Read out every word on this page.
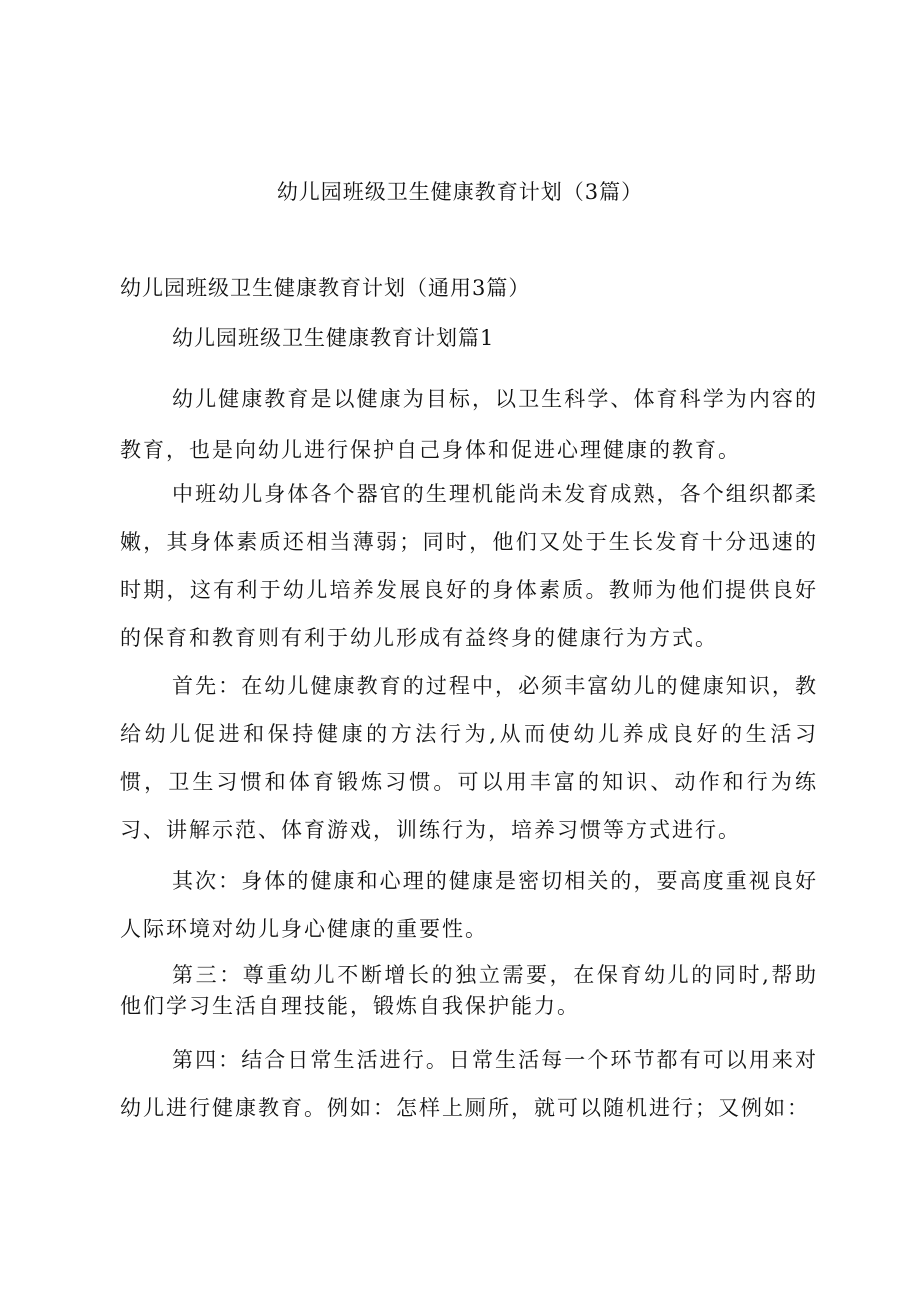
幼儿园班级卫生健康教育计划（3篇）
幼儿园班级卫生健康教育计划（通用3篇）
幼儿园班级卫生健康教育计划篇1

幼儿健康教育是以健康为目标，以卫生科学、体育科学为内容的教育，也是向幼儿进行保护自己身体和促进心理健康的教育。

中班幼儿身体各个器官的生理机能尚未发育成熟，各个组织都柔嫩，其身体素质还相当薄弱；同时，他们又处于生长发育十分迅速的时期，这有利于幼儿培养发展良好的身体素质。教师为他们提供良好的保育和教育则有利于幼儿形成有益终身的健康行为方式。

首先：在幼儿健康教育的过程中，必须丰富幼儿的健康知识，教给幼儿促进和保持健康的方法行为,从而使幼儿养成良好的生活习惯，卫生习惯和体育锻炼习惯。可以用丰富的知识、动作和行为练习、讲解示范、体育游戏，训练行为，培养习惯等方式进行。

其次：身体的健康和心理的健康是密切相关的，要高度重视良好人际环境对幼儿身心健康的重要性。

第三：尊重幼儿不断增长的独立需要，在保育幼儿的同时,帮助他们学习生活自理技能，锻炼自我保护能力。

第四：结合日常生活进行。日常生活每一个环节都有可以用来对幼儿进行健康教育。例如：怎样上厕所，就可以随机进行；又例如：
